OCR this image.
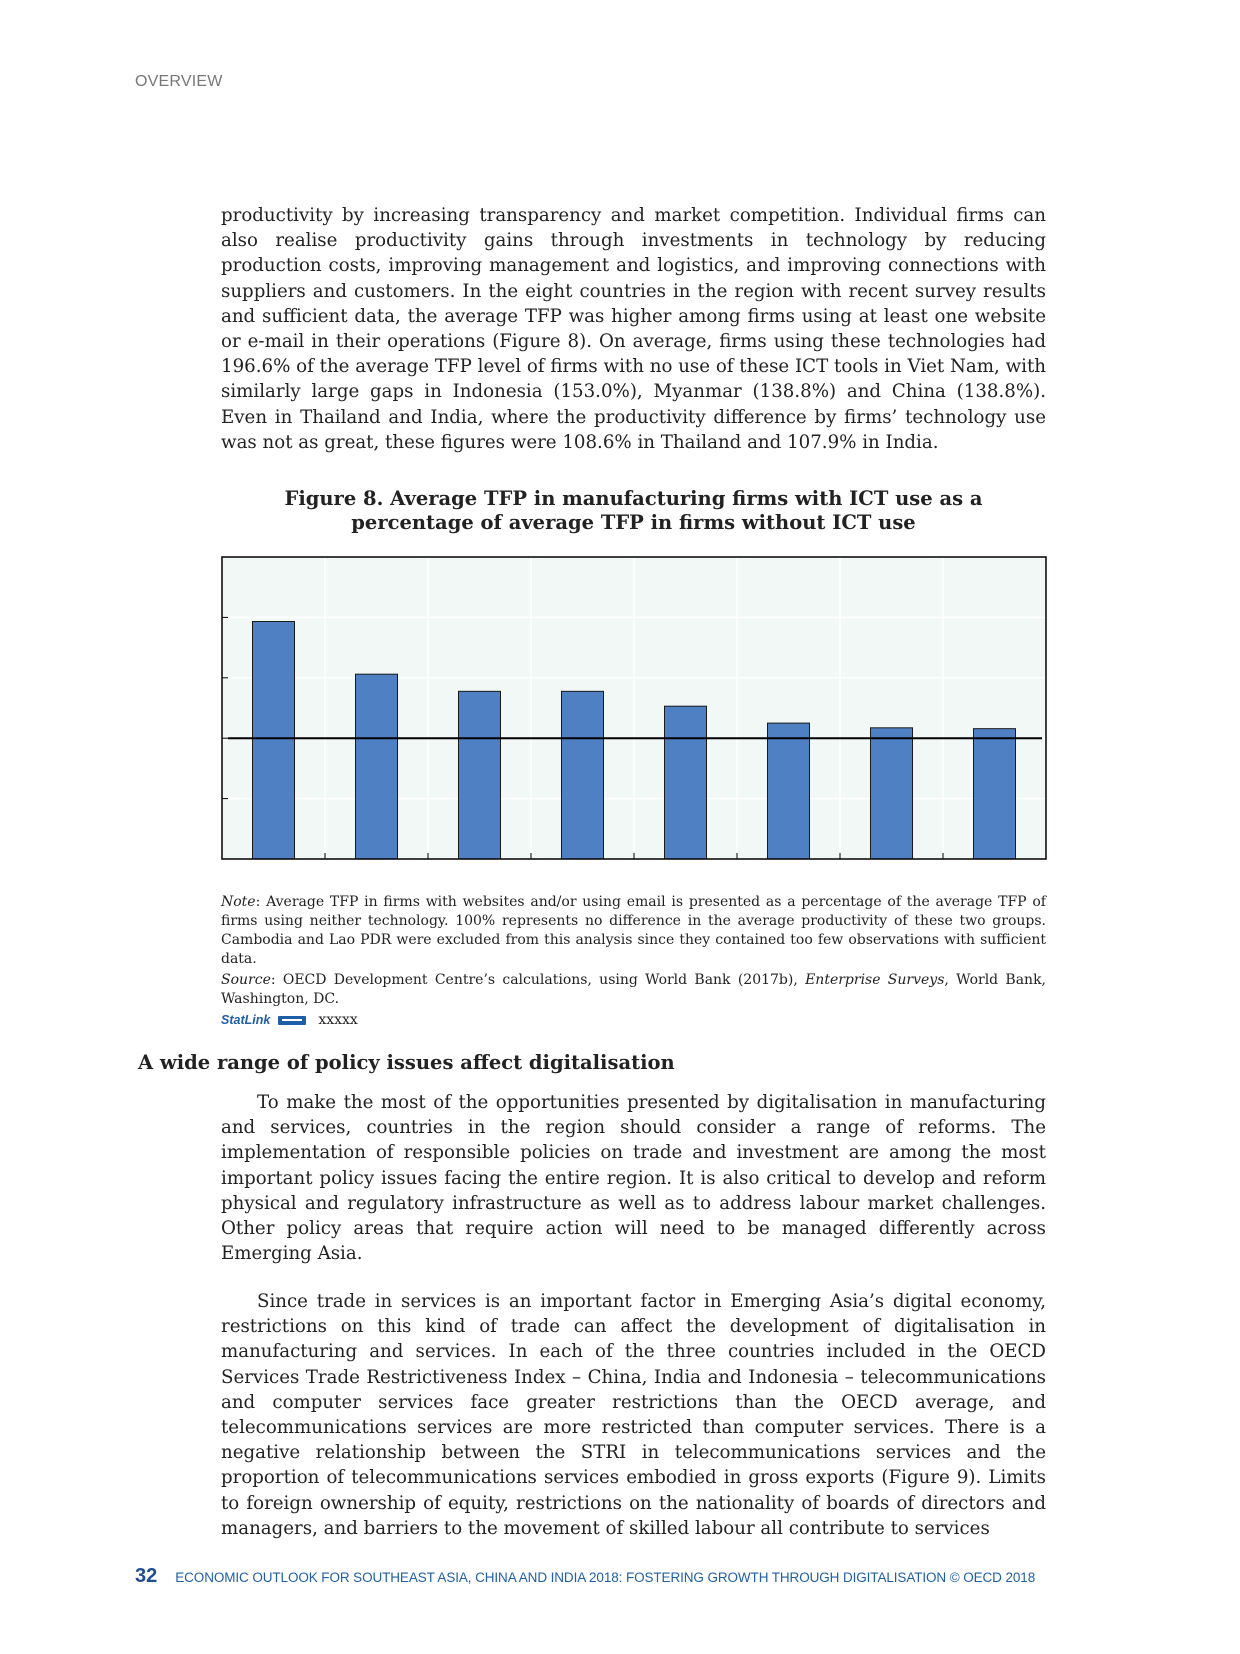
OVERVIEW

productivity by increasing transparency and market competition. Individual firms can also realise productivity gains through investments in technology by reducing production costs, improving management and logistics, and improving connections with suppliers and customers. In the eight countries in the region with recent survey results and sufficient data, the average TFP was higher among firms using at least one website or e-mail in their operations (Figure 8). On average, firms using these technologies had 196.6% of the average TFP level of firms with no use of these ICT tools in Viet Nam, with similarly large gaps in Indonesia (153.0%), Myanmar (138.8%) and China (138.8%). Even in Thailand and India, where the productivity difference by firms’ technology use was not as great, these figures were 108.6% in Thailand and 107.9% in India.

Figure 8. Average TFP in manufacturing firms with ICT use as a percentage of average TFP in firms without ICT use

Note: Average TFP in firms with websites and/or using email is presented as a percentage of the average TFP of firms using neither technology. 100% represents no difference in the average productivity of these two groups. Cambodia and Lao PDR were excluded from this analysis since they contained too few observations with sufficient data.

Source: OECD Development Centre’s calculations, using World Bank (2017b), Enterprise Surveys, World Bank, Washington, DC.

StatLink	xxxxx
A wide range of policy issues affect digitalisation

To make the most of the opportunities presented by digitalisation in manufacturing and services, countries in the region should consider a range of reforms. The implementation of responsible policies on trade and investment are among the most important policy issues facing the entire region. It is also critical to develop and reform physical and regulatory infrastructure as well as to address labour market challenges. Other policy areas that require action will need to be managed differently across Emerging Asia.

Since trade in services is an important factor in Emerging Asia’s digital economy, restrictions on this kind of trade can affect the development of digitalisation in manufacturing and services. In each of the three countries included in the OECD Services Trade Restrictiveness Index – China, India and Indonesia – telecommunications and computer services face greater restrictions than the OECD average, and telecommunications services are more restricted than computer services. There is a negative relationship between the STRI in telecommunications services and the proportion of telecommunications services embodied in gross exports (Figure 9). Limits to foreign ownership of equity, restrictions on the nationality of boards of directors and managers, and barriers to the movement of skilled labour all contribute to services

32 ECONOMIC OUTLOOK FOR SOUTHEAST ASIA, CHINA AND INDIA 2018: FOSTERING GROWTH THROUGH DIGITALISATION © OECD 2018
